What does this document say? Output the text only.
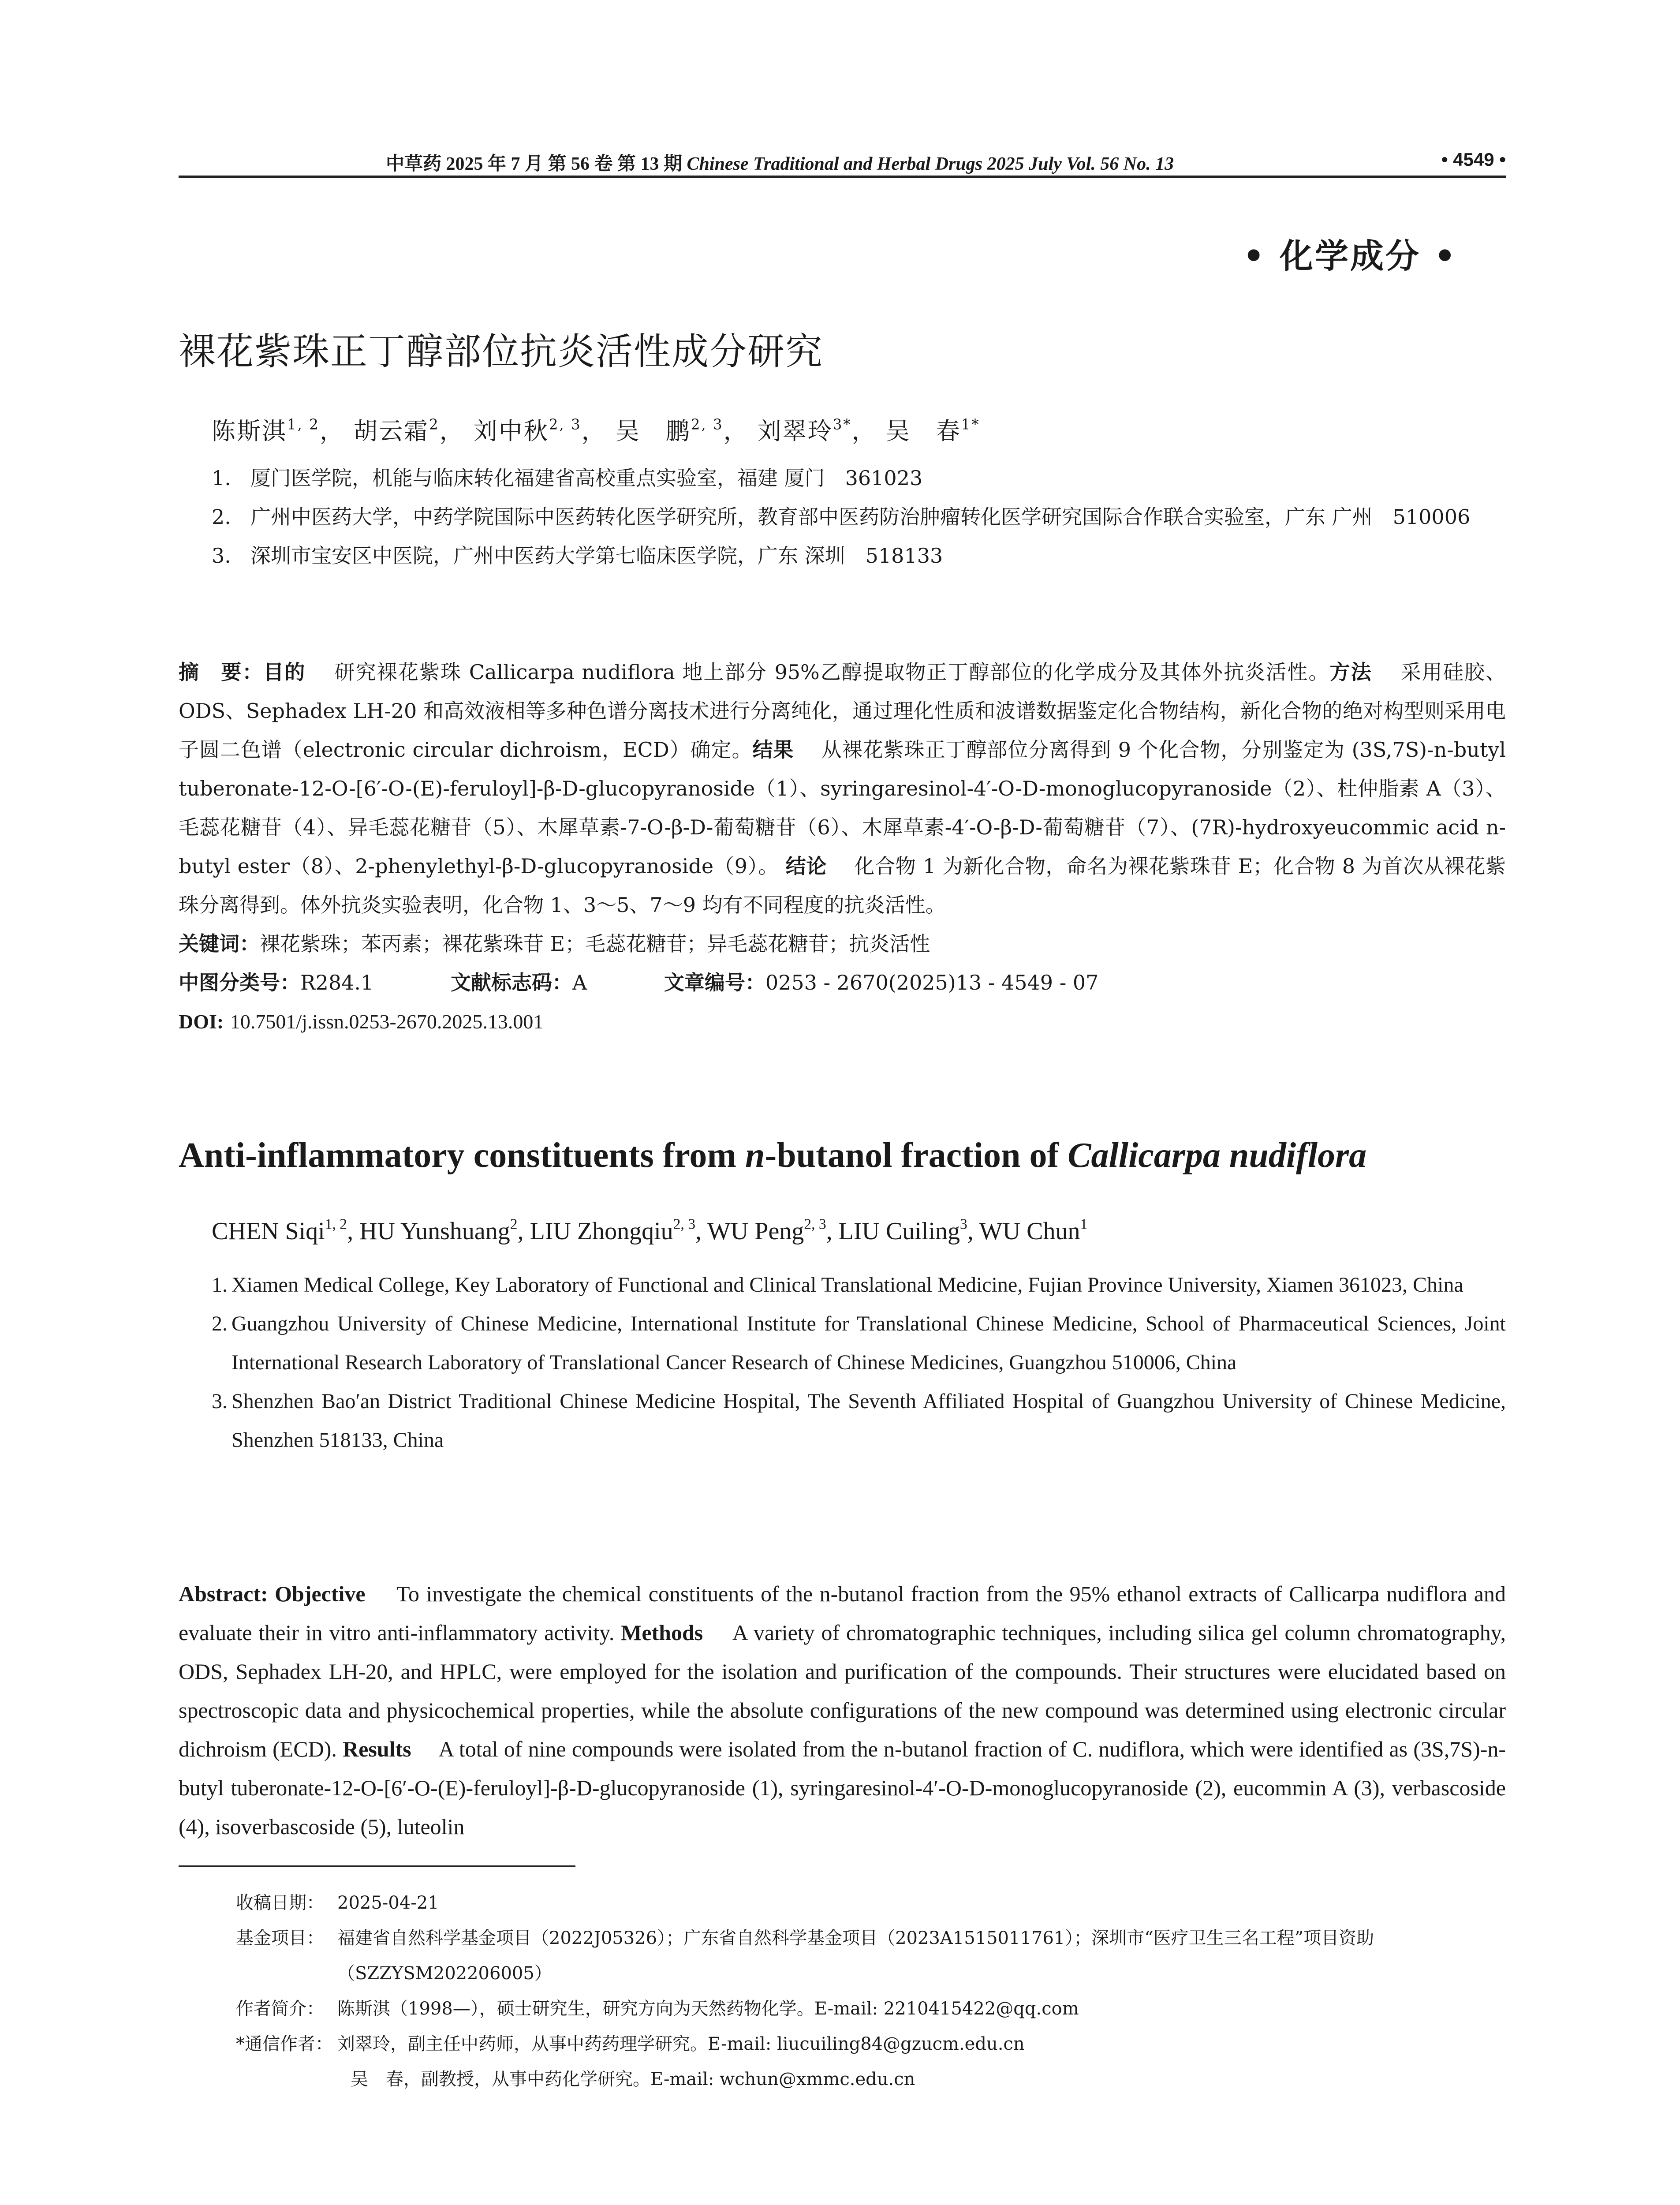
中草药 2025 年 7 月 第 56 卷 第 13 期 Chinese Traditional and Herbal Drugs 2025 July Vol. 56 No. 13	• 4549 •
• 化学成分 •
裸花紫珠正丁醇部位抗炎活性成分研究
陈斯淇$^{1, 2}$， 胡云霜$^2$， 刘中秋$^{2, 3}$， 吴　鹏$^{2, 3}$， 刘翠玲$^{3*}$， 吴　春$^{1*}$
1. 厦门医学院，机能与临床转化福建省高校重点实验室，福建 厦门　361023
2. 广州中医药大学，中药学院国际中医药转化医学研究所，教育部中医药防治肿瘤转化医学研究国际合作联合实验室，广东 广州　510006
3. 深圳市宝安区中医院，广州中医药大学第七临床医学院，广东 深圳　518133
摘　要：目的　 研究裸花紫珠 Callicarpa nudiflora 地上部分 95%乙醇提取物正丁醇部位的化学成分及其体外抗炎活性。方法　 采用硅胶、ODS、Sephadex LH-20 和高效液相等多种色谱分离技术进行分离纯化，通过理化性质和波谱数据鉴定化合物结构，新化合物的绝对构型则采用电子圆二色谱（electronic circular dichroism，ECD）确定。结果　 从裸花紫珠正丁醇部位分离得到 9 个化合物，分别鉴定为 (3S,7S)-n-butyl tuberonate-12-O-[6′-O-(E)-feruloyl]-β-D-glucopyranoside（1）、syringaresinol-4′-O-D-monoglucopyranoside（2）、杜仲脂素 A（3）、毛蕊花糖苷（4）、异毛蕊花糖苷（5）、木犀草素-7-O-β-D-葡萄糖苷（6）、木犀草素-4′-O-β-D-葡萄糖苷（7）、(7R)-hydroxyeucommic acid n-butyl ester（8）、2-phenylethyl-β-D-glucopyranoside（9）。 结论　 化合物 1 为新化合物，命名为裸花紫珠苷 E；化合物 8 为首次从裸花紫珠分离得到。体外抗炎实验表明，化合物 1、3～5、7～9 均有不同程度的抗炎活性。
关键词：裸花紫珠；苯丙素；裸花紫珠苷 E；毛蕊花糖苷；异毛蕊花糖苷；抗炎活性
中图分类号：R284.1	文献标志码：A	文章编号：0253 - 2670(2025)13 - 4549 - 07
DOI: 10.7501/j.issn.0253-2670.2025.13.001
Anti-inflammatory constituents from n-butanol fraction of Callicarpa nudiflora
CHEN Siqi$^{1, 2}$, HU Yunshuang$^2$, LIU Zhongqiu$^{2, 3}$, WU Peng$^{2, 3}$, LIU Cuiling$^3$, WU Chun$^1$
1. Xiamen Medical College, Key Laboratory of Functional and Clinical Translational Medicine, Fujian Province University, Xiamen 361023, China
2. Guangzhou University of Chinese Medicine, International Institute for Translational Chinese Medicine, School of Pharmaceutical Sciences, Joint International Research Laboratory of Translational Cancer Research of Chinese Medicines, Guangzhou 510006, China
3. Shenzhen Bao′an District Traditional Chinese Medicine Hospital, The Seventh Affiliated Hospital of Guangzhou University of Chinese Medicine, Shenzhen 518133, China
Abstract: Objective　 To investigate the chemical constituents of the n-butanol fraction from the 95% ethanol extracts of Callicarpa nudiflora and evaluate their in vitro anti-inflammatory activity. Methods　 A variety of chromatographic techniques, including silica gel column chromatography, ODS, Sephadex LH-20, and HPLC, were employed for the isolation and purification of the compounds. Their structures were elucidated based on spectroscopic data and physicochemical properties, while the absolute configurations of the new compound was determined using electronic circular dichroism (ECD). Results　 A total of nine compounds were isolated from the n-butanol fraction of C. nudiflora, which were identified as (3S,7S)-n-butyl tuberonate-12-O-[6′-O-(E)-feruloyl]-β-D-glucopyranoside (1), syringaresinol-4′-O-D-monoglucopyranoside (2), eucommin A (3), verbascoside (4), isoverbascoside (5), luteolin
收稿日期： 2025-04-21
基金项目： 福建省自然科学基金项目（2022J05326）；广东省自然科学基金项目（2023A1515011761）；深圳市“医疗卫生三名工程”项目资助
（SZZYSM202206005）
作者简介： 陈斯淇（1998—），硕士研究生，研究方向为天然药物化学。E-mail: 2210415422@qq.com
*通信作者： 刘翠玲，副主任中药师，从事中药药理学研究。E-mail: liucuiling84@gzucm.edu.cn
吴　春，副教授，从事中药化学研究。E-mail: wchun@xmmc.edu.cn
